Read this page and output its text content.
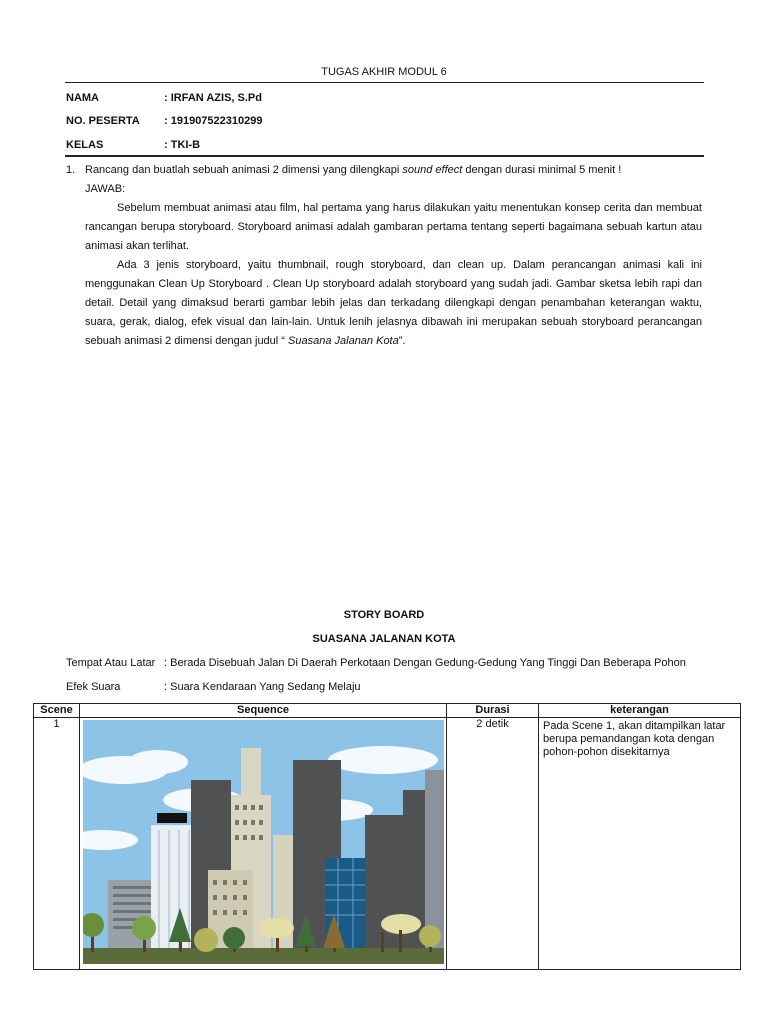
TUGAS AKHIR MODUL 6
NAMA	: IRFAN AZIS, S.Pd
NO. PESERTA : 191907522310299
KELAS	: TKI-B
1. Rancang dan buatlah sebuah animasi 2 dimensi yang dilengkapi sound effect dengan durasi minimal 5 menit !
JAWAB:

Sebelum membuat animasi atau film, hal pertama yang harus dilakukan yaitu menentukan konsep cerita dan membuat rancangan berupa storyboard. Storyboard animasi adalah gambaran pertama tentang seperti bagaimana sebuah kartun atau animasi akan terlihat.

Ada 3 jenis storyboard, yaitu thumbnail, rough storyboard, dan clean up. Dalam perancangan animasi kali ini menggunakan Clean Up Storyboard . Clean Up storyboard adalah storyboard yang sudah jadi. Gambar sketsa lebih rapi dan detail. Detail yang dimaksud berarti gambar lebih jelas dan terkadang dilengkapi dengan penambahan keterangan waktu, suara, gerak, dialog, efek visual dan lain-lain. Untuk lenih jelasnya dibawah ini merupakan sebuah storyboard perancangan sebuah animasi 2 dimensi dengan judul “ Suasana Jalanan Kota”.

STORY BOARD
SUASANA JALANAN KOTA
Tempat Atau Latar : Berada Disebuah Jalan Di Daerah Perkotaan Dengan Gedung-Gedung Yang Tinggi Dan Beberapa Pohon
Efek Suara	: Suara Kendaraan Yang Sedang Melaju
Scene	Sequence	Durasi	keterangan
1		2 detik	Pada Scene 1, akan ditampilkan latar berupa pemandangan kota dengan pohon-pohon disekitarnya
